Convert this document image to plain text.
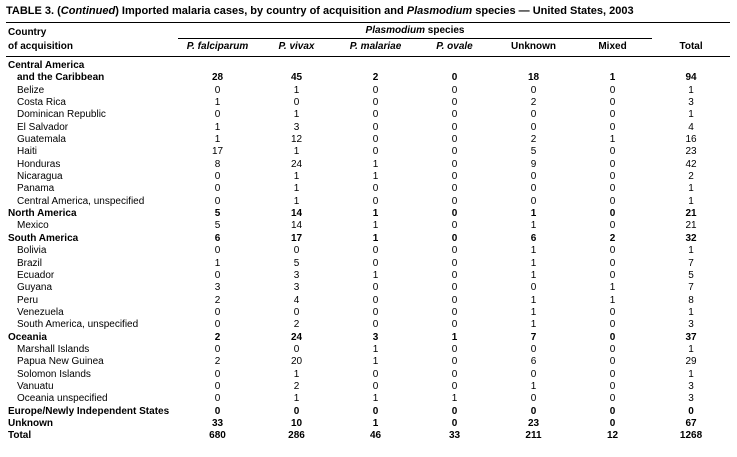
TABLE 3. (Continued) Imported malaria cases, by country of acquisition and Plasmodium species — United States, 2003
Country	Plasmodium species						
of acquisition	P. falciparum	P. vivax	P. malariae	P. ovale	Unknown	Mixed	Total
Central America							
and the Caribbean	28	45	2	0	18	1	94
Belize	0	1	0	0	0	0	1
Costa Rica	1	0	0	0	2	0	3
Dominican Republic	0	1	0	0	0	0	1
El Salvador	1	3	0	0	0	0	4
Guatemala	1	12	0	0	2	1	16
Haiti	17	1	0	0	5	0	23
Honduras	8	24	1	0	9	0	42
Nicaragua	0	1	1	0	0	0	2
Panama	0	1	0	0	0	0	1
Central America, unspecified	0	1	0	0	0	0	1
North America	5	14	1	0	1	0	21
Mexico	5	14	1	0	1	0	21
South America	6	17	1	0	6	2	32
Bolivia	0	0	0	0	1	0	1
Brazil	1	5	0	0	1	0	7
Ecuador	0	3	1	0	1	0	5
Guyana	3	3	0	0	0	1	7
Peru	2	4	0	0	1	1	8
Venezuela	0	0	0	0	1	0	1
South America, unspecified	0	2	0	0	1	0	3
Oceania	2	24	3	1	7	0	37
Marshall Islands	0	0	1	0	0	0	1
Papua New Guinea	2	20	1	0	6	0	29
Solomon Islands	0	1	0	0	0	0	1
Vanuatu	0	2	0	0	1	0	3
Oceania unspecified	0	1	1	1	0	0	3
Europe/Newly Independent States	0	0	0	0	0	0	0
Unknown	33	10	1	0	23	0	67
Total	680	286	46	33	211	12	1268
